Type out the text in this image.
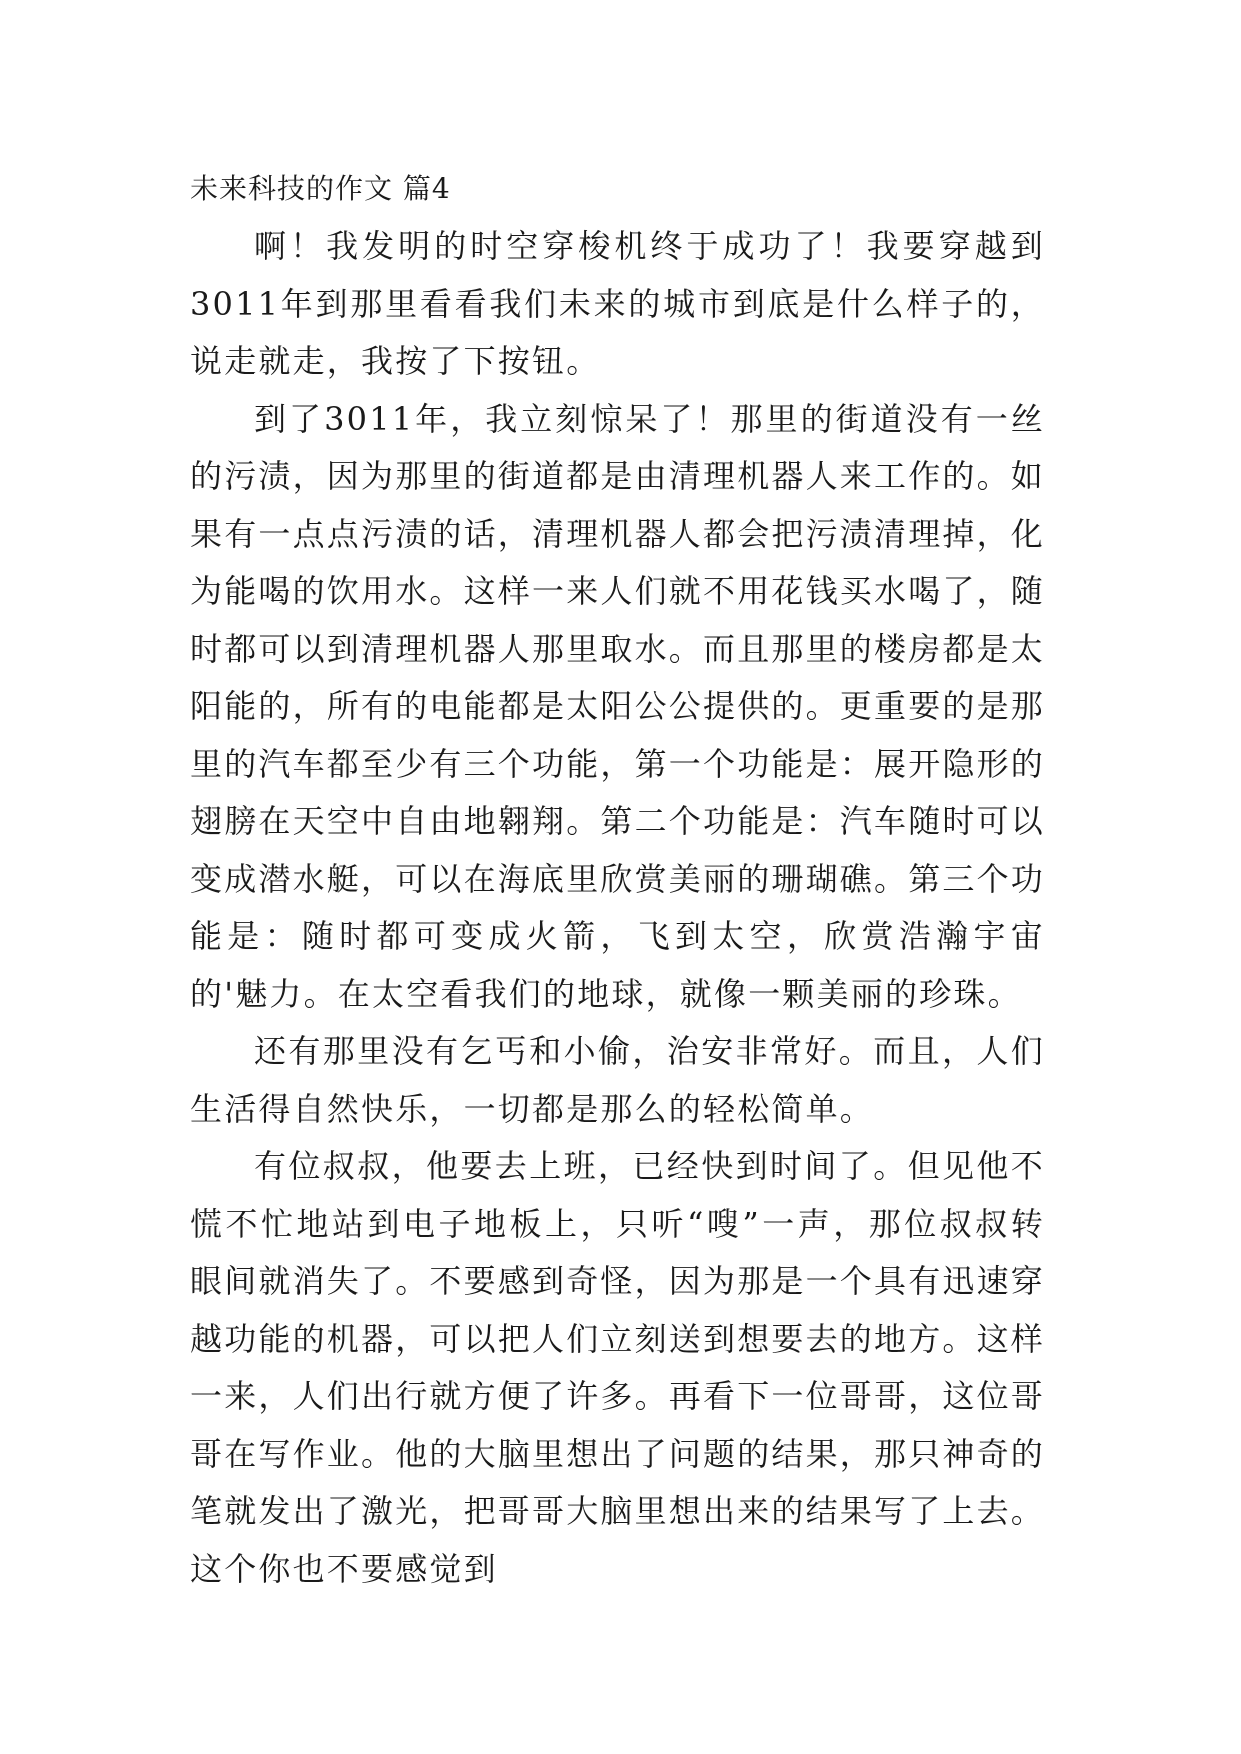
未来科技的作文 篇4

啊！我发明的时空穿梭机终于成功了！我要穿越到3011年到那里看看我们未来的城市到底是什么样子的，说走就走，我按了下按钮。

到了3011年，我立刻惊呆了！那里的街道没有一丝的污渍，因为那里的街道都是由清理机器人来工作的。如果有一点点污渍的话，清理机器人都会把污渍清理掉，化为能喝的饮用水。这样一来人们就不用花钱买水喝了，随时都可以到清理机器人那里取水。而且那里的楼房都是太阳能的，所有的电能都是太阳公公提供的。更重要的是那里的汽车都至少有三个功能，第一个功能是：展开隐形的翅膀在天空中自由地翱翔。第二个功能是：汽车随时可以变成潜水艇，可以在海底里欣赏美丽的珊瑚礁。第三个功能是：随时都可变成火箭，飞到太空，欣赏浩瀚宇宙的'魅力。在太空看我们的地球，就像一颗美丽的珍珠。

还有那里没有乞丐和小偷，治安非常好。而且，人们生活得自然快乐，一切都是那么的轻松简单。

有位叔叔，他要去上班，已经快到时间了。但见他不慌不忙地站到电子地板上，只听“嗖”一声，那位叔叔转眼间就消失了。不要感到奇怪，因为那是一个具有迅速穿越功能的机器，可以把人们立刻送到想要去的地方。这样一来，人们出行就方便了许多。再看下一位哥哥，这位哥哥在写作业。他的大脑里想出了问题的结果，那只神奇的笔就发出了激光，把哥哥大脑里想出来的结果写了上去。这个你也不要感觉到
